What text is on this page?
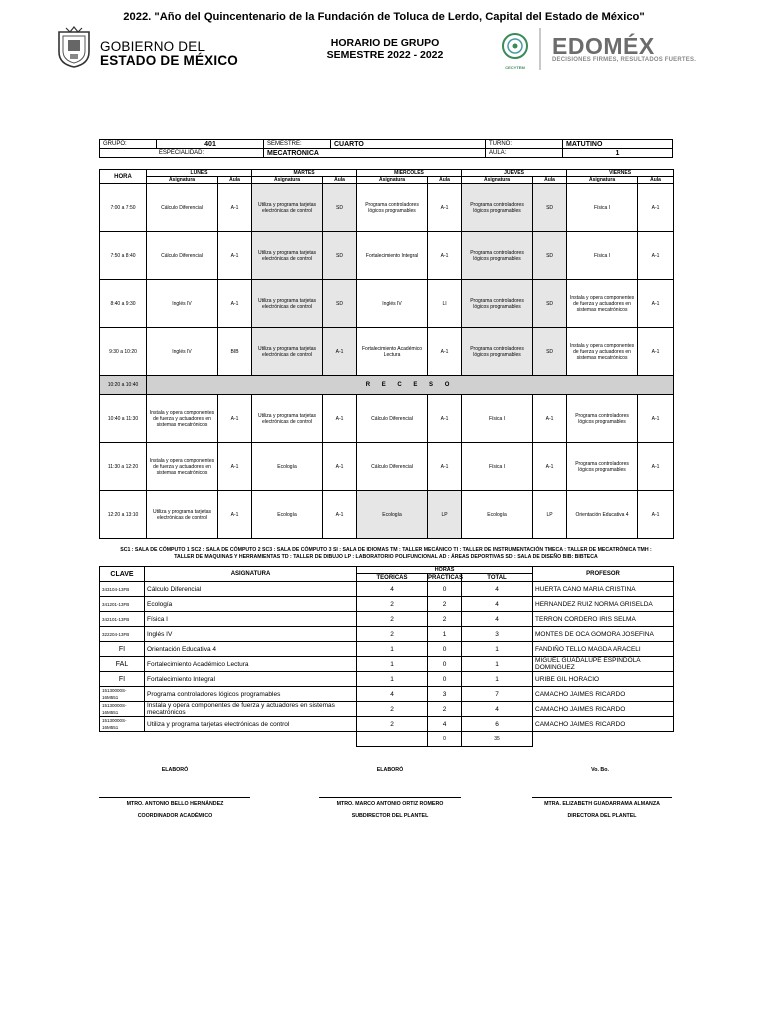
2022. "Año del Quincentenario de la Fundación de Toluca de Lerdo, Capital del Estado de México"
GOBIERNO DEL
ESTADO DE MÉXICO
HORARIO DE GRUPO
SEMESTRE 2022 - 2022
CECYTEM
EDOMÉX
DECISIONES FIRMES, RESULTADOS FUERTES.
GRUPO:	401	SEMESTRE:	CUARTO	TURNO:	MATUTINO
ESPECIALIDAD:		MECATRÓNICA		AULA:	1
HORA	LUNES		MARTES		MIERCOLES		JUEVES		VIERNES	
	Asignatura	Aula	Asignatura	Aula	Asignatura	Aula	Asignatura	Aula	Asignatura	Aula
7:00 a 7:50	Cálculo Diferencial	A-1	Utiliza y programa tarjetas electrónicas de control	SD	Programa controladores lógicos programables	A-1	Programa controladores lógicos programables	SD	Física I	A-1
7:50 a 8:40	Cálculo Diferencial	A-1	Utiliza y programa tarjetas electrónicas de control	SD	Fortalecimiento Integral	A-1	Programa controladores lógicos programables	SD	Física I	A-1
8:40 a 9:30	Inglés IV	A-1	Utiliza y programa tarjetas electrónicas de control	SD	Inglés IV	LI	Programa controladores lógicos programables	SD	Instala y opera componentes de fuerza y actuadores en sistemas mecatrónicos	A-1
9:30 a 10:20	Inglés IV	BIB	Utiliza y programa tarjetas electrónicas de control	A-1	Fortalecimiento Académico Lectura	A-1	Programa controladores lógicos programables	SD	Instala y opera componentes de fuerza y actuadores en sistemas mecatrónicos	A-1
10:20 a 10:40	R E C E S O									
10:40 a 11:30	Instala y opera componentes de fuerza y actuadores en sistemas mecatrónicos	A-1	Utiliza y programa tarjetas electrónicas de control	A-1	Cálculo Diferencial	A-1	Física I	A-1	Programa controladores lógicos programables	A-1
11:30 a 12:20	Instala y opera componentes de fuerza y actuadores en sistemas mecatrónicos	A-1	Ecología	A-1	Cálculo Diferencial	A-1	Física I	A-1	Programa controladores lógicos programables	A-1
12:20 a 13:10	Utiliza y programa tarjetas electrónicas de control	A-1	Ecología	A-1	Ecología	LP	Ecología	LP	Orientación Educativa 4	A-1
SC1 : SALA DE CÓMPUTO 1 SC2 : SALA DE CÓMPUTO 2 SC3 : SALA DE CÓMPUTO 3 SI : SALA DE IDIOMAS TM : TALLER MECÁNICO TI : TALLER DE INSTRUMENTACIÓN TMECA : TALLER DE MECATRÓNICA TMH :
TALLER DE MAQUINAS Y HERRAMIENTAS TD : TALLER DE DIBUJO LP : LABORATORIO POLIFUNCIONAL AD : ÁREAS DEPORTIVAS SD : SALA DE DISEÑO BIB: BIBTECA
CLAVE	ASIGNATURA	HORAS			PROFESOR
		TEÓRICAS	PRÁCTICAS	TOTAL	
343104-13FB	Cálculo Diferencial	4	0	4	HUERTA CANO MARIA CRISTINA
341201-13FB	Ecología	2	2	4	HERNANDEZ RUIZ NORMA GRISELDA
342101-13FB	Física I	2	2	4	TERRON CORDERO IRIS SELMA
322204-13FB	Inglés IV	2	1	3	MONTES DE OCA GOMORA JOSEFINA
FI	Orientación Educativa 4	1	0	1	FANDIÑO TELLO MAGDA ARACELI
FAL	Fortalecimiento Académico Lectura	1	0	1	MIGUEL GUADALUPE ESPINDOLA DOMINGUEZ
FI	Fortalecimiento Integral	1	0	1	URIBE GIL HORACIO
15130000S-16M551	Programa controladores lógicos programables	4	3	7	CAMACHO JAIMES RICARDO
15130000S-16M551	Instala y opera componentes de fuerza y actuadores en sistemas mecatrónicos	2	2	4	CAMACHO JAIMES RICARDO
15130000S-16M551	Utiliza y programa tarjetas electrónicas de control	2	4	6	CAMACHO JAIMES RICARDO
			0	35	
ELABORÓ	ELABORÓ	Vo. Bo.
MTRO. ANTONIO BELLO HERNÁNDEZ	MTRO. MARCO ANTONIO ORTIZ ROMERO	MTRA. ELIZABETH GUADARRAMA ALMANZA
COORDINADOR ACADÉMICO	SUBDIRECTOR DEL PLANTEL	DIRECTORA DEL PLANTEL
